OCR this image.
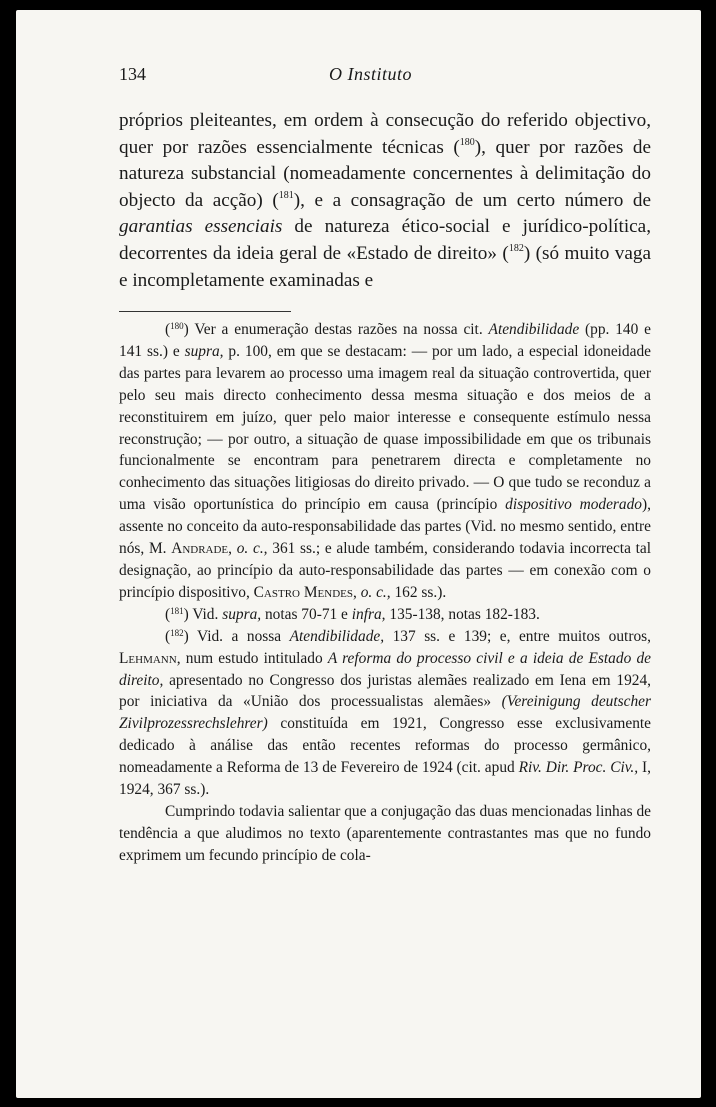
134	O Instituto

próprios pleiteantes, em ordem à consecução do referido objectivo, quer por razões essencialmente técnicas ($^{180}$), quer por razões de natureza substancial (nomeadamente concernentes à delimitação do objecto da acção) ($^{181}$), e a consagração de um certo número de garantias essenciais de natureza ético-social e jurídico-política, decorrentes da ideia geral de «Estado de direito» ($^{182}$) (só muito vaga e incompletamente examinadas e

($^{180}$) Ver a enumeração destas razões na nossa cit. Atendibilidade (pp. 140 e 141 ss.) e supra, p. 100, em que se destacam: — por um lado, a especial idoneidade das partes para levarem ao processo uma imagem real da situação controvertida, quer pelo seu mais directo conhecimento dessa mesma situação e dos meios de a reconstituirem em juízo, quer pelo maior interesse e consequente estímulo nessa reconstrução; — por outro, a situação de quase impossibilidade em que os tribunais funcionalmente se encontram para penetrarem directa e completamente no conhecimento das situações litigiosas do direito privado. — O que tudo se reconduz a uma visão oportunística do princípio em causa (princípio dispositivo moderado), assente no conceito da auto-responsabilidade das partes (Vid. no mesmo sentido, entre nós, M. Andrade, o. c., 361 ss.; e alude também, considerando todavia incorrecta tal designação, ao princípio da auto-responsabilidade das partes — em conexão com o princípio dispositivo, Castro Mendes, o. c., 162 ss.).

($^{181}$) Vid. supra, notas 70-71 e infra, 135-138, notas 182-183.

($^{182}$) Vid. a nossa Atendibilidade, 137 ss. e 139; e, entre muitos outros, Lehmann, num estudo intitulado A reforma do processo civil e a ideia de Estado de direito, apresentado no Congresso dos juristas alemães realizado em Iena em 1924, por iniciativa da «União dos processualistas alemães» (Vereinigung deutscher Zivilprozessrechslehrer) constituída em 1921, Congresso esse exclusivamente dedicado à análise das então recentes reformas do processo germânico, nomeadamente a Reforma de 13 de Fevereiro de 1924 (cit. apud Riv. Dir. Proc. Civ., I, 1924, 367 ss.).

Cumprindo todavia salientar que a conjugação das duas mencionadas linhas de tendência a que aludimos no texto (aparentemente contrastantes mas que no fundo exprimem um fecundo princípio de cola-
